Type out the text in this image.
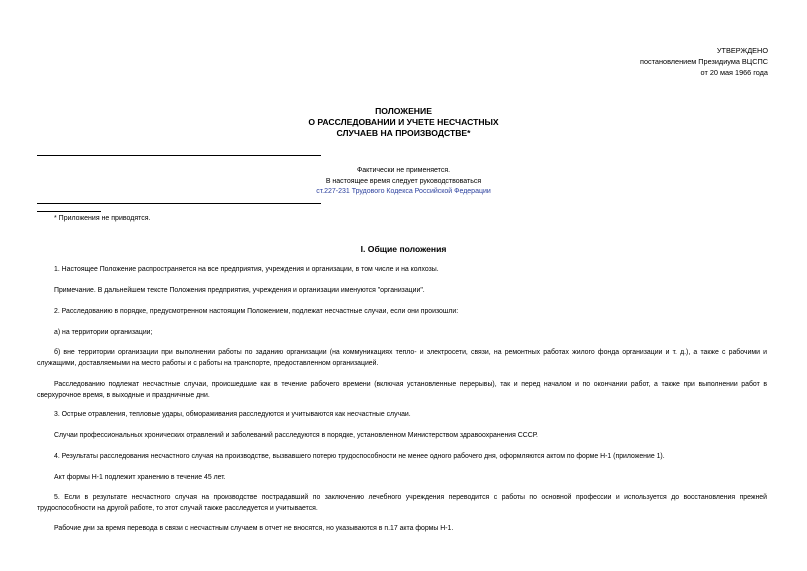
УТВЕРЖДЕНО
постановлением Президиума ВЦСПС
от 20 мая 1966 года
ПОЛОЖЕНИЕ
О РАССЛЕДОВАНИИ И УЧЕТЕ НЕСЧАСТНЫХ
СЛУЧАЕВ НА ПРОИЗВОДСТВЕ*
Фактически не применяется.
В настоящее время следует руководствоваться
ст.227-231 Трудового Кодекса Российской Федерации
* Приложения не приводятся.
I. Общие положения
1. Настоящее Положение распространяется на все предприятия, учреждения и организации, в том числе и на колхозы.
Примечание. В дальнейшем тексте Положения предприятия, учреждения и организации именуются "организации".
2. Расследованию в порядке, предусмотренном настоящим Положением, подлежат несчастные случаи, если они произошли:
а) на территории организации;
б) вне территории организации при выполнении работы по заданию организации (на коммуникациях тепло- и электросети, связи, на ремонтных работах жилого фонда организации и т. д.), а также с рабочими и служащими, доставляемыми на место работы и с работы на транспорте, предоставленном организацией.
Расследованию подлежат несчастные случаи, происшедшие как в течение рабочего времени (включая установленные перерывы), так и перед началом и по окончании работ, а также при выполнении работ в сверхурочное время, в выходные и праздничные дни.
3. Острые отравления, тепловые удары, обмораживания расследуются и учитываются как несчастные случаи.
Случаи профессиональных хронических отравлений и заболеваний расследуются в порядке, установленном Министерством здравоохранения СССР.
4. Результаты расследования несчастного случая на производстве, вызвавшего потерю трудоспособности не менее одного рабочего дня, оформляются актом по форме Н-1 (приложение 1).
Акт формы Н-1 подлежит хранению в течение 45 лет.
5. Если в результате несчастного случая на производстве пострадавший по заключению лечебного учреждения переводится с работы по основной профессии и используется до восстановления прежней трудоспособности на другой работе, то этот случай также расследуется и учитывается.
Рабочие дни за время перевода в связи с несчастным случаем в отчет не вносятся, но указываются в п.17 акта формы Н-1.
